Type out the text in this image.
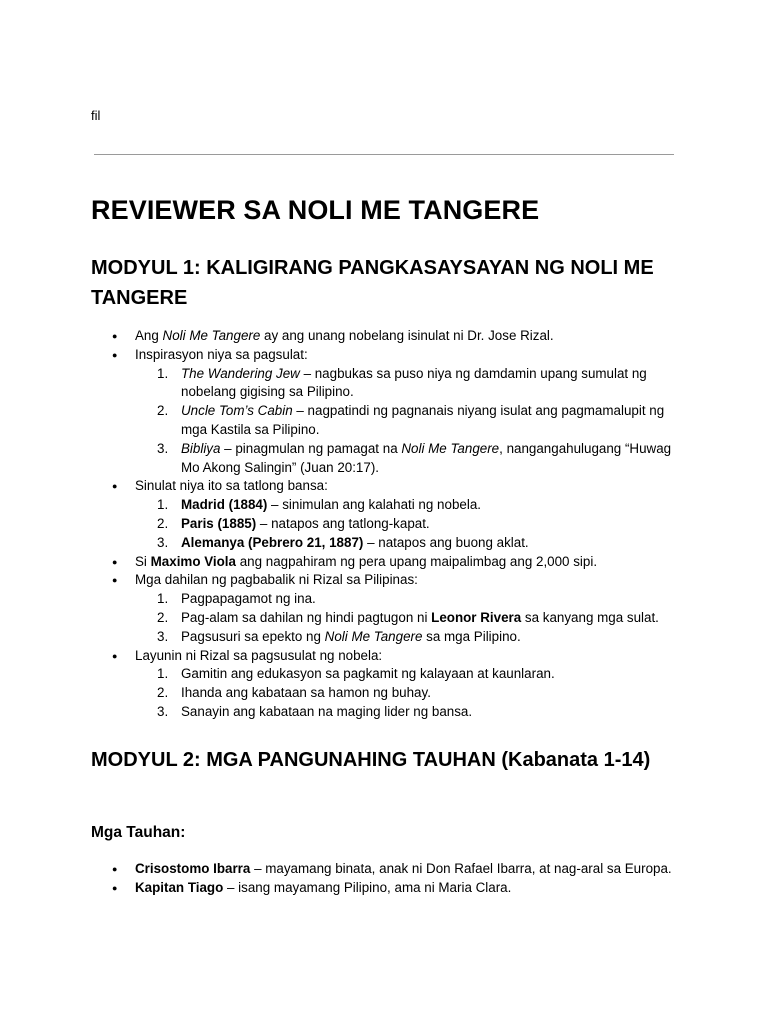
fil
REVIEWER SA NOLI ME TANGERE
MODYUL 1: KALIGIRANG PANGKASAYSAYAN NG NOLI ME TANGERE
● Ang Noli Me Tangere ay ang unang nobelang isinulat ni Dr. Jose Rizal.
● Inspirasyon niya sa pagsulat:
1. The Wandering Jew – nagbukas sa puso niya ng damdamin upang sumulat ng nobelang gigising sa Pilipino.
2. Uncle Tom’s Cabin – nagpatindi ng pagnanais niyang isulat ang pagmamalupit ng mga Kastila sa Pilipino.
3. Bibliya – pinagmulan ng pamagat na Noli Me Tangere, nangangahulugang “Huwag Mo Akong Salingin” (Juan 20:17).
● Sinulat niya ito sa tatlong bansa:
1. Madrid (1884) – sinimulan ang kalahati ng nobela.
2. Paris (1885) – natapos ang tatlong-kapat.
3. Alemanya (Pebrero 21, 1887) – natapos ang buong aklat.
● Si Maximo Viola ang nagpahiram ng pera upang maipalimbag ang 2,000 sipi.
● Mga dahilan ng pagbabalik ni Rizal sa Pilipinas:
1. Pagpapagamot ng ina.
2. Pag-alam sa dahilan ng hindi pagtugon ni Leonor Rivera sa kanyang mga sulat.
3. Pagsusuri sa epekto ng Noli Me Tangere sa mga Pilipino.
● Layunin ni Rizal sa pagsusulat ng nobela:
1. Gamitin ang edukasyon sa pagkamit ng kalayaan at kaunlaran.
2. Ihanda ang kabataan sa hamon ng buhay.
3. Sanayin ang kabataan na maging lider ng bansa.
MODYUL 2: MGA PANGUNAHING TAUHAN (Kabanata 1-14)
Mga Tauhan:
● Crisostomo Ibarra – mayamang binata, anak ni Don Rafael Ibarra, at nag-aral sa Europa.
● Kapitan Tiago – isang mayamang Pilipino, ama ni Maria Clara.
